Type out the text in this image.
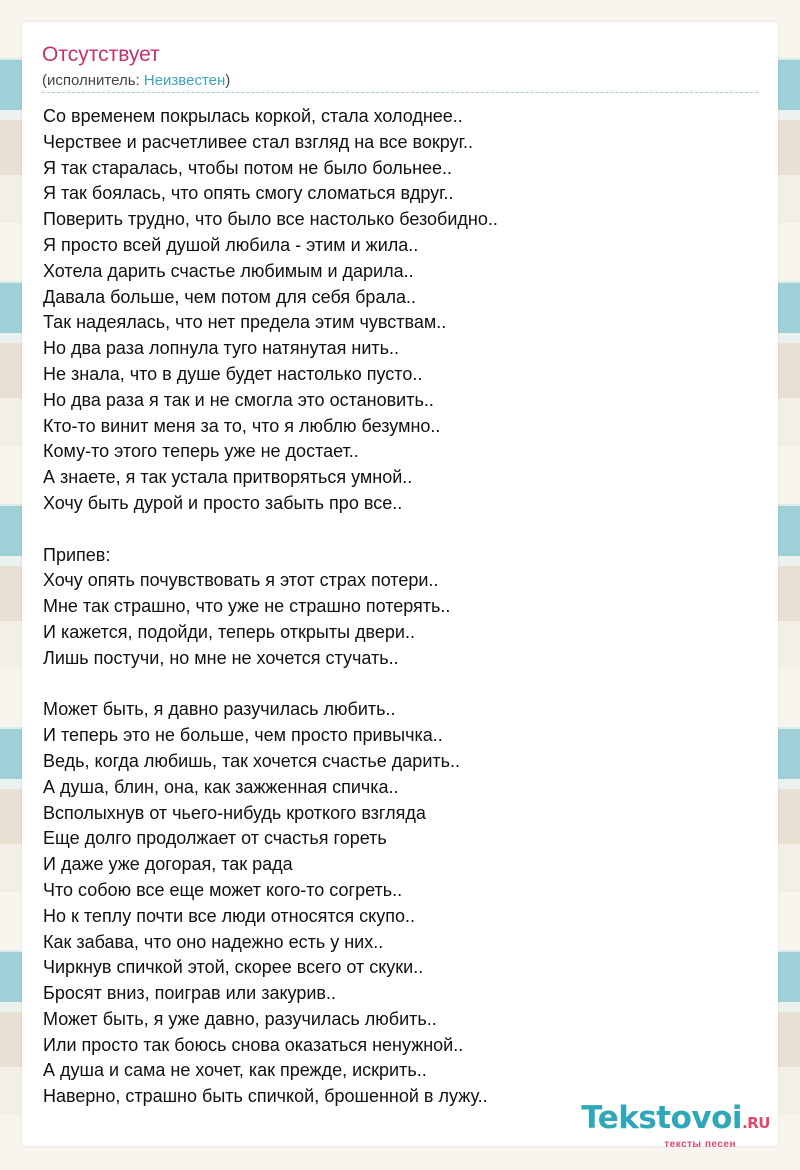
Отсутствует
(исполнитель: Неизвестен)
Со временем покрылась коркой, стала холоднее..
Черствее и расчетливее стал взгляд на все вокруг..
Я так старалась, чтобы потом не было больнее..
Я так боялась, что опять смогу сломаться вдруг..
Поверить трудно, что было все настолько безобидно..
Я просто всей душой любила - этим и жила..
Хотела дарить счастье любимым и дарила..
Давала больше, чем потом для себя брала..
Так надеялась, что нет предела этим чувствам..
Но два раза лопнула туго натянутая нить..
Не знала, что в душе будет настолько пусто..
Но два раза я так и не смогла это остановить..
Кто-то винит меня за то, что я люблю безумно..
Кому-то этого теперь уже не достает..
А знаете, я так устала притворяться умной..
Хочу быть дурой и просто забыть про все..
Припев:
Хочу опять почувствовать я этот страх потери..
Мне так страшно, что уже не страшно потерять..
И кажется, подойди, теперь открыты двери..
Лишь постучи, но мне не хочется стучать..
Может быть, я давно разучилась любить..
И теперь это не больше, чем просто привычка..
Ведь, когда любишь, так хочется счастье дарить..
А душа, блин, она, как зажженная спичка..
Всполыхнув от чьего-нибудь кроткого взгляда
Еще долго продолжает от счастья гореть
И даже уже догорая, так рада
Что собою все еще может кого-то согреть..
Но к теплу почти все люди относятся скупо..
Как забава, что оно надежно есть у них..
Чиркнув спичкой этой, скорее всего от скуки..
Бросят вниз, поиграв или закурив..
Может быть, я уже давно, разучилась любить..
Или просто так боюсь снова оказаться ненужной..
А душа и сама не хочет, как прежде, искрить..
Наверно, страшно быть спичкой, брошенной в лужу..
Tekstovoi.RU
тексты песен
